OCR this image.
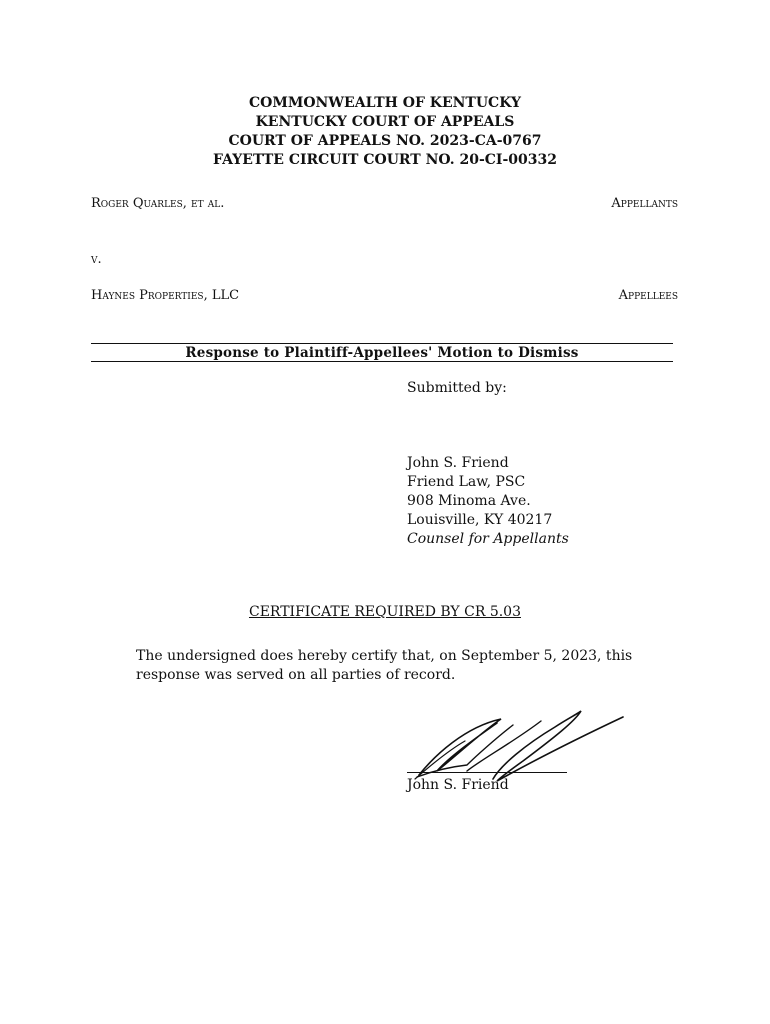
COMMONWEALTH OF KENTUCKY
KENTUCKY COURT OF APPEALS
COURT OF APPEALS NO. 2023-CA-0767
FAYETTE CIRCUIT COURT NO. 20-CI-00332
Roger Quarles, et al.	Appellants
v.
Haynes Properties, LLC	Appellees
Response to Plaintiff-Appellees' Motion to Dismiss
Submitted by:
John S. Friend
Friend Law, PSC
908 Minoma Ave.
Louisville, KY 40217
Counsel for Appellants
CERTIFICATE REQUIRED BY CR 5.03
The undersigned does hereby certify that, on September 5, 2023, this response was served on all parties of record.
John S. Friend
